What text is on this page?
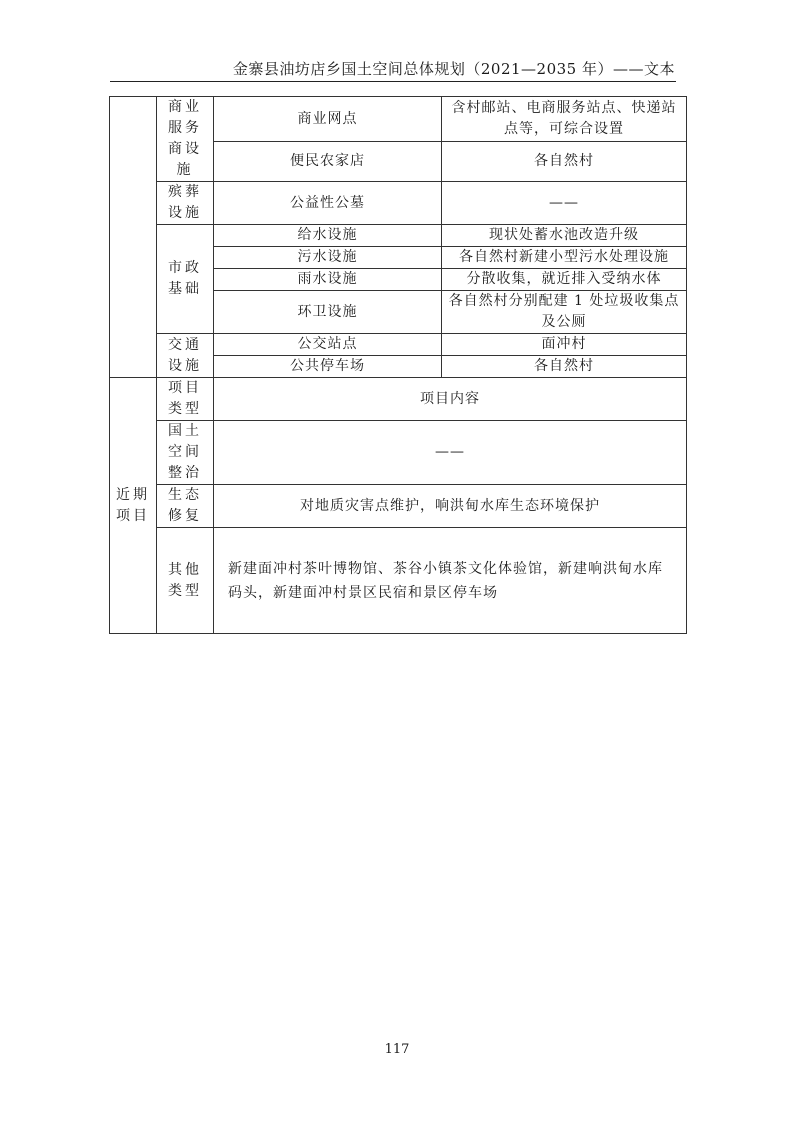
金寨县油坊店乡国土空间总体规划（2021—2035 年）——文本
	商业服务商设施	商业网点	含村邮站、电商服务站点、快递站点等，可综合设置
		便民农家店	各自然村
	殡葬设施	公益性公墓	——
	市政基础	给水设施	现状处蓄水池改造升级
		污水设施	各自然村新建小型污水处理设施
		雨水设施	分散收集，就近排入受纳水体
		环卫设施	各自然村分别配建 1 处垃圾收集点及公厕
	交通设施	公交站点	面冲村
		公共停车场	各自然村
近期项目	项目类型	项目内容	
	国土空间整治	——	
	生态修复	对地质灾害点维护，响洪甸水库生态环境保护	
	其他类型	新建面冲村茶叶博物馆、茶谷小镇茶文化体验馆，新建响洪甸水库码头，新建面冲村景区民宿和景区停车场	
117
